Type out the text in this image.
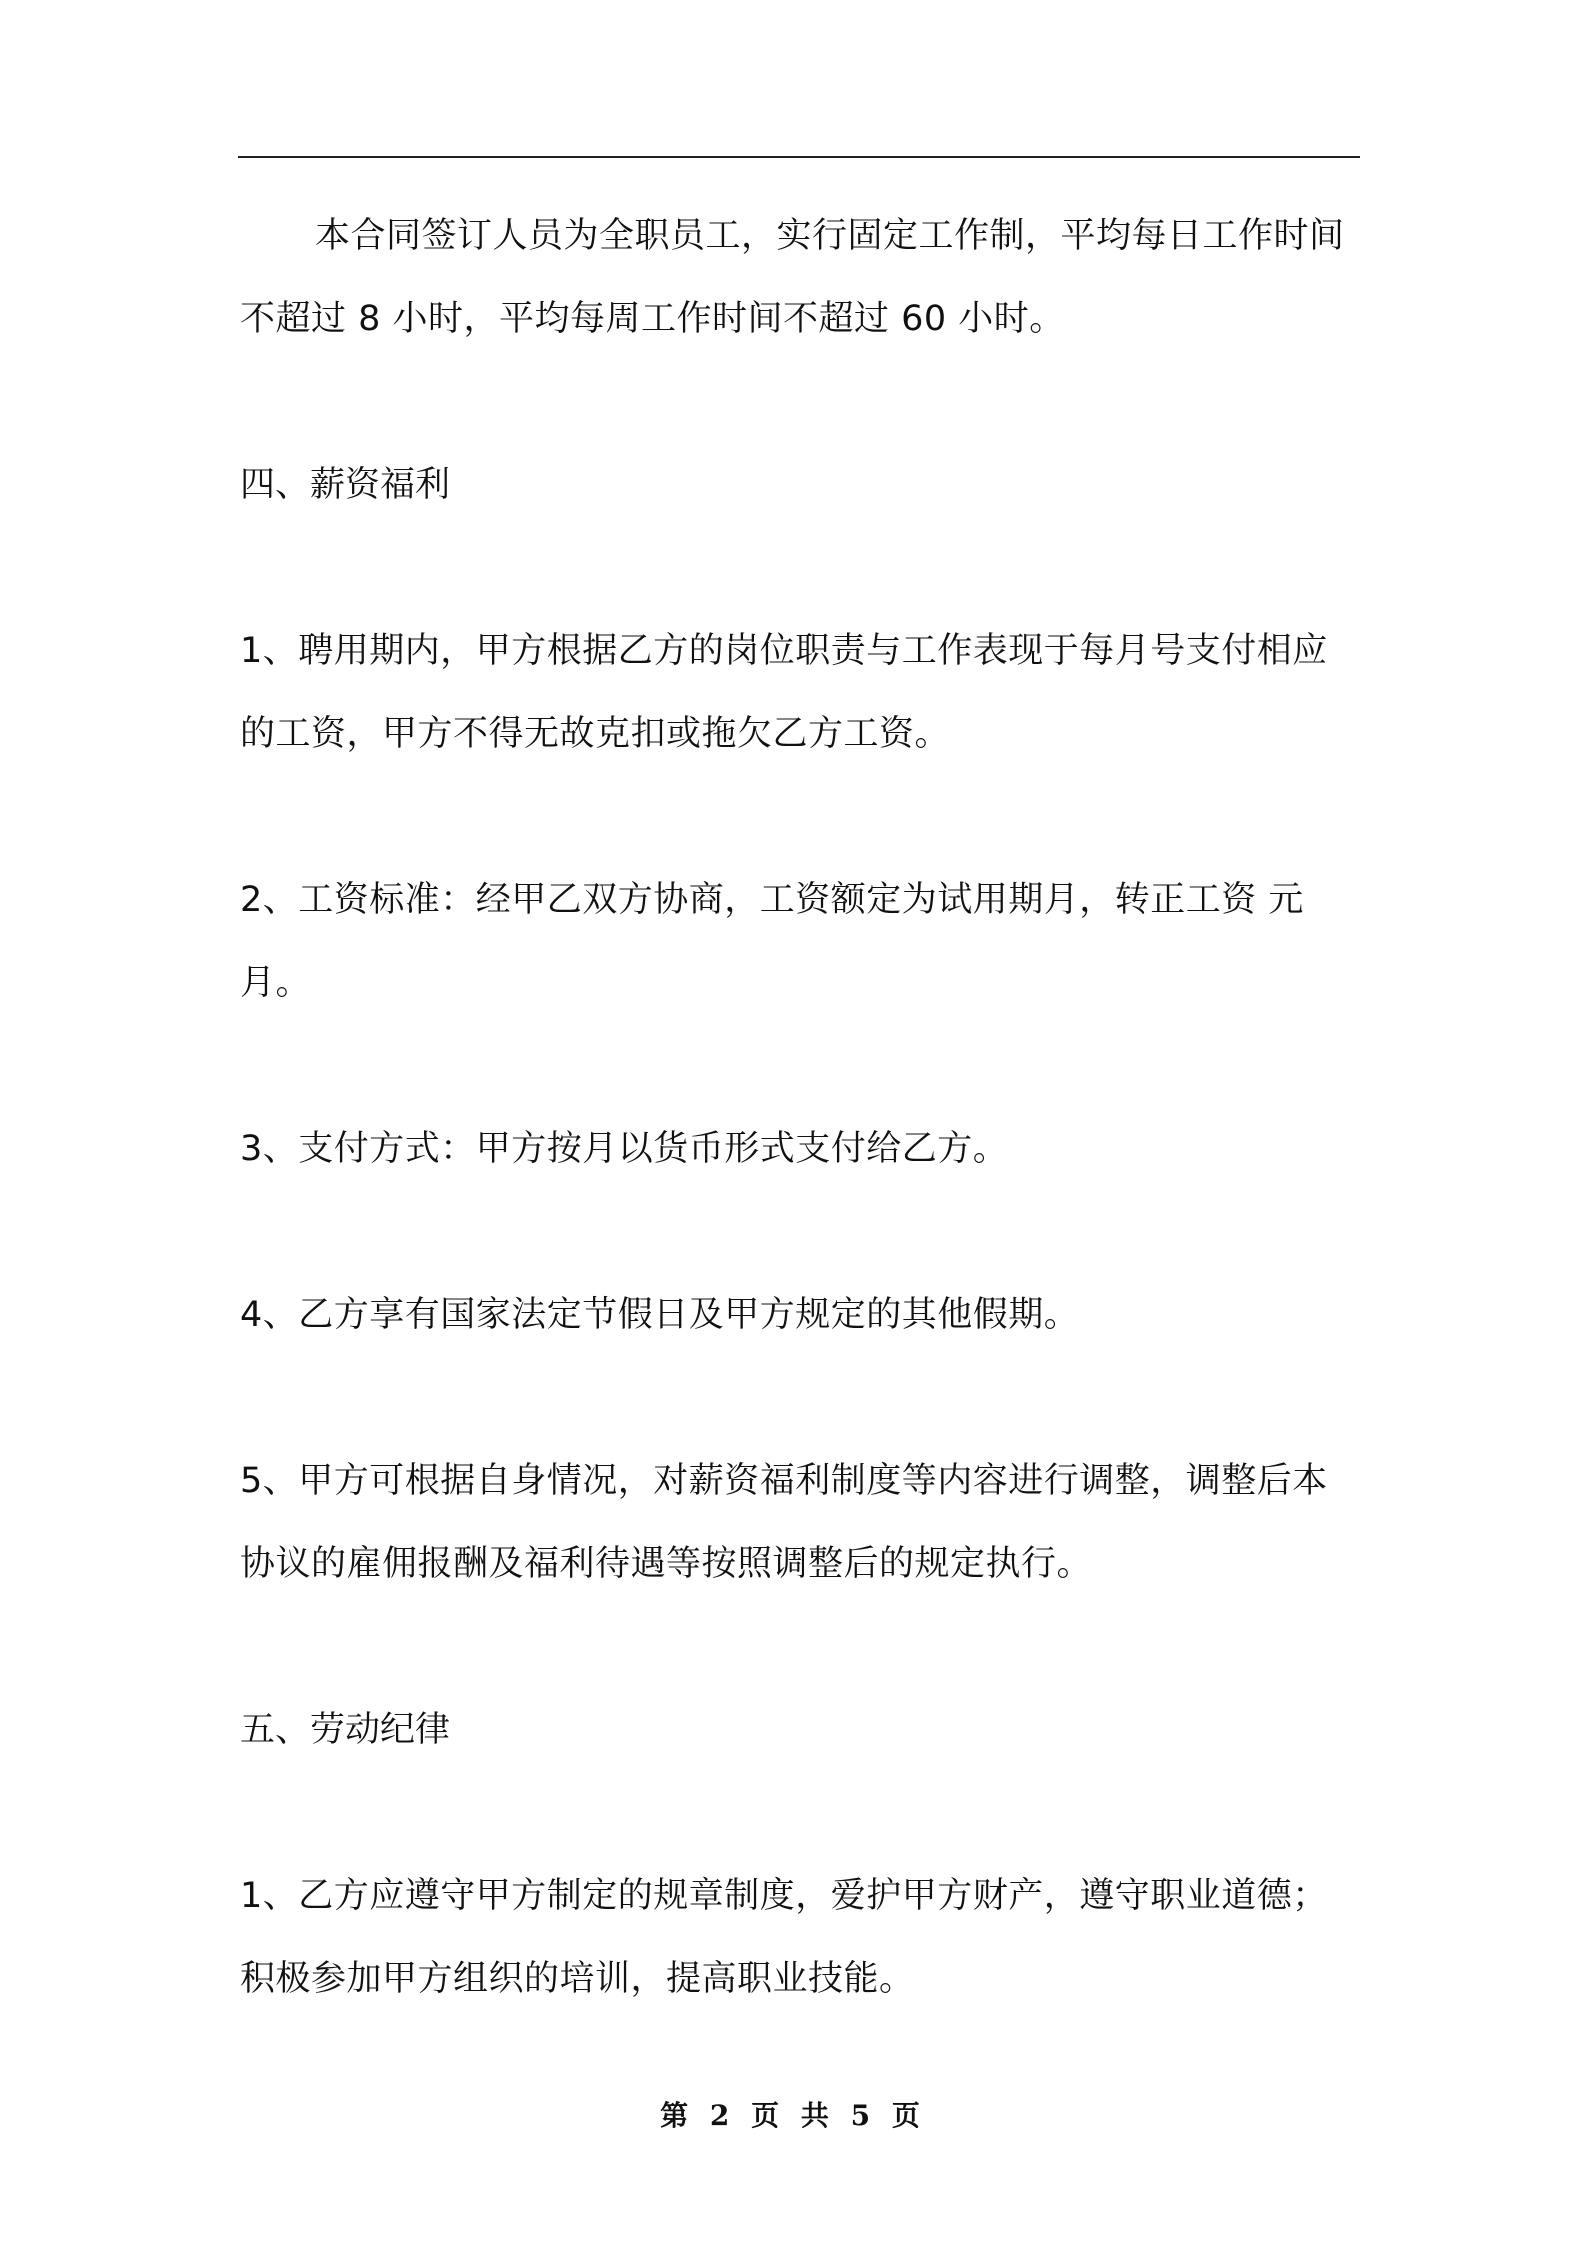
本合同签订人员为全职员工，实行固定工作制，平均每日工作时间不超过 8 小时，平均每周工作时间不超过 60 小时。

四、薪资福利

1、聘用期内，甲方根据乙方的岗位职责与工作表现于每月号支付相应的工资，甲方不得无故克扣或拖欠乙方工资。

2、工资标准：经甲乙双方协商，工资额定为试用期月，转正工资 元月。

3、支付方式：甲方按月以货币形式支付给乙方。

4、乙方享有国家法定节假日及甲方规定的其他假期。

5、甲方可根据自身情况，对薪资福利制度等内容进行调整，调整后本协议的雇佣报酬及福利待遇等按照调整后的规定执行。

五、劳动纪律

1、乙方应遵守甲方制定的规章制度，爱护甲方财产，遵守职业道德；积极参加甲方组织的培训，提高职业技能。

第 2 页 共 5 页
